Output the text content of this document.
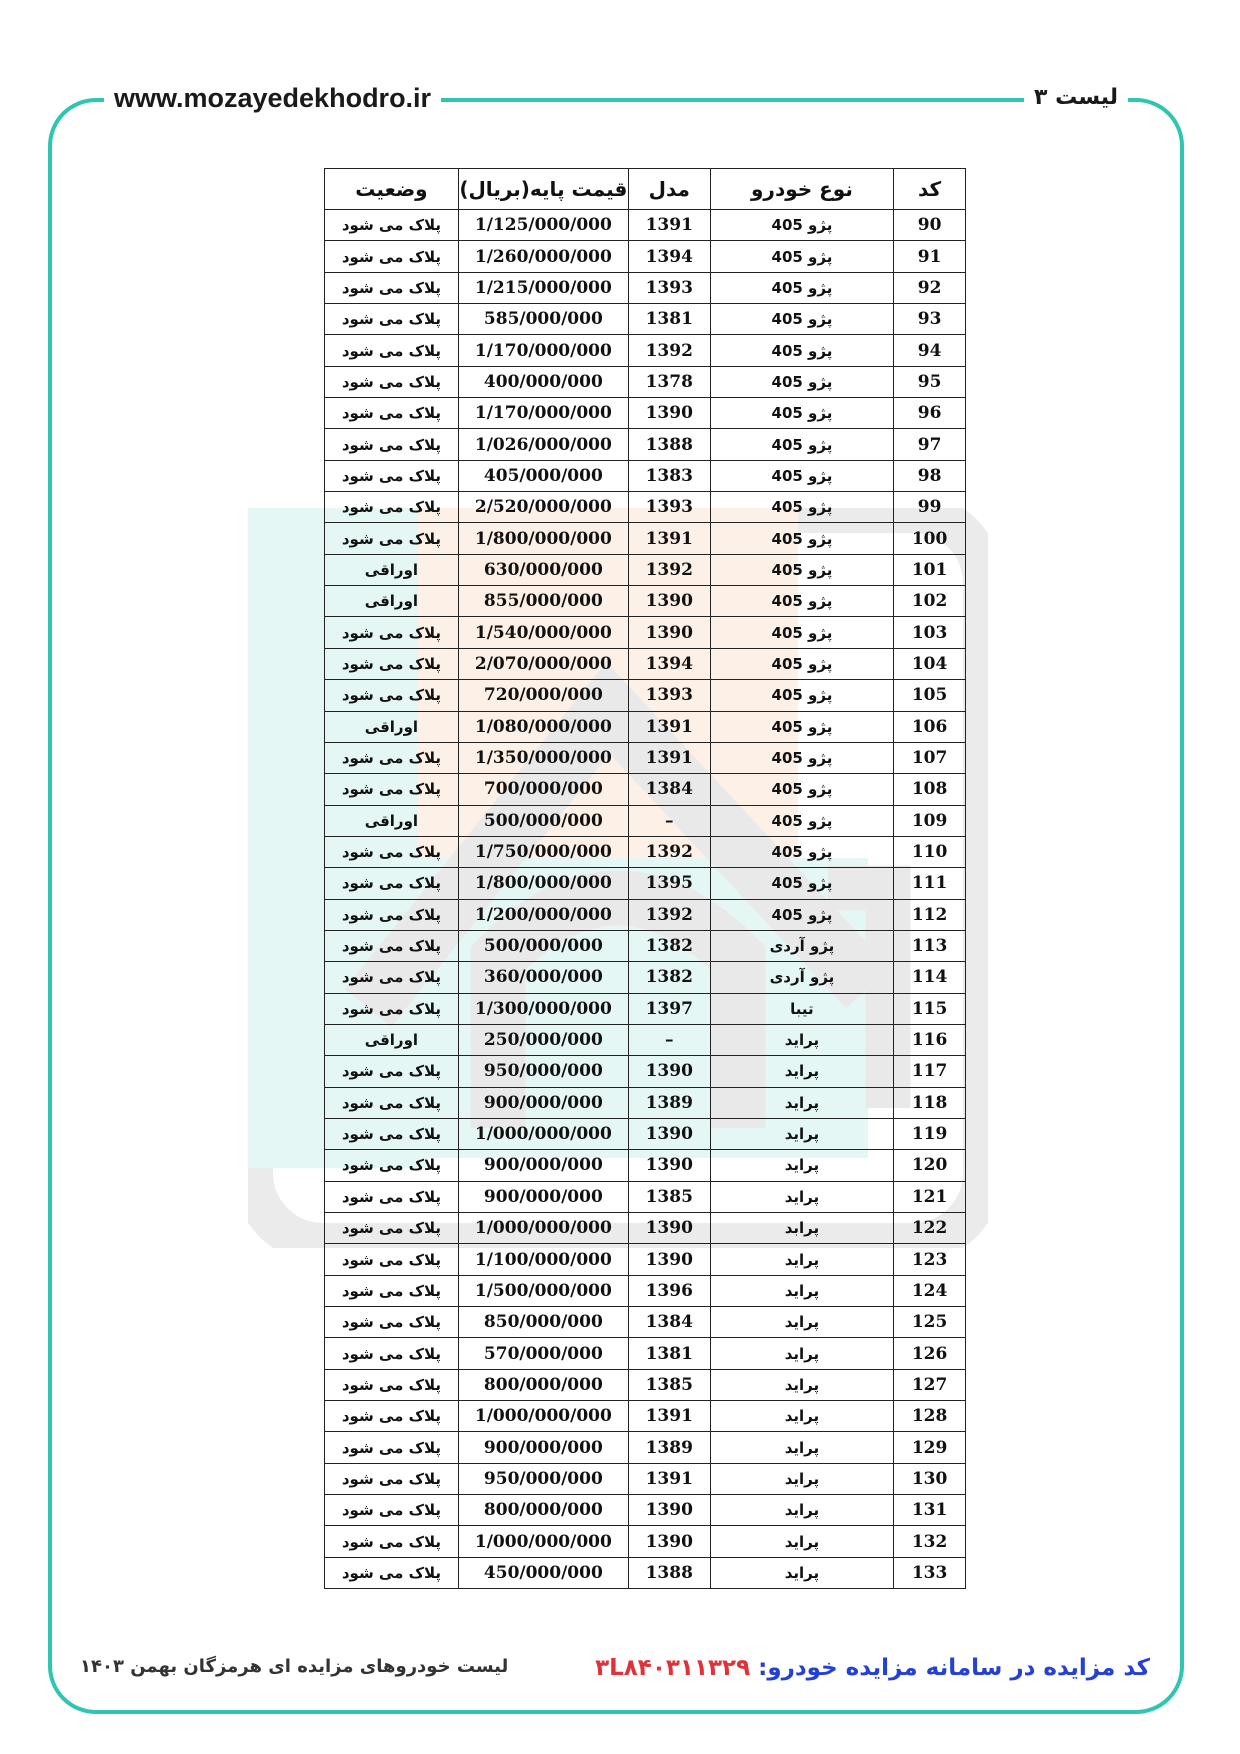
www.mozayedekhodro.ir	لیست ۳
کد	نوع خودرو	مدل	قیمت پایه(بریال)	وضعیت
90	پژو 405	1391	1/125/000/000	پلاک می شود
91	پژو 405	1394	1/260/000/000	پلاک می شود
92	پژو 405	1393	1/215/000/000	پلاک می شود
93	پژو 405	1381	585/000/000	پلاک می شود
94	پژو 405	1392	1/170/000/000	پلاک می شود
95	پژو 405	1378	400/000/000	پلاک می شود
96	پژو 405	1390	1/170/000/000	پلاک می شود
97	پژو 405	1388	1/026/000/000	پلاک می شود
98	پژو 405	1383	405/000/000	پلاک می شود
99	پژو 405	1393	2/520/000/000	پلاک می شود
100	پژو 405	1391	1/800/000/000	پلاک می شود
101	پژو 405	1392	630/000/000	اوراقی
102	پژو 405	1390	855/000/000	اوراقی
103	پژو 405	1390	1/540/000/000	پلاک می شود
104	پژو 405	1394	2/070/000/000	پلاک می شود
105	پژو 405	1393	720/000/000	پلاک می شود
106	پژو 405	1391	1/080/000/000	اوراقی
107	پژو 405	1391	1/350/000/000	پلاک می شود
108	پژو 405	1384	700/000/000	پلاک می شود
109	پژو 405	–	500/000/000	اوراقی
110	پژو 405	1392	1/750/000/000	پلاک می شود
111	پژو 405	1395	1/800/000/000	پلاک می شود
112	پژو 405	1392	1/200/000/000	پلاک می شود
113	پژو آردی	1382	500/000/000	پلاک می شود
114	پژو آردی	1382	360/000/000	پلاک می شود
115	تیبا	1397	1/300/000/000	پلاک می شود
116	پراید	–	250/000/000	اوراقی
117	پراید	1390	950/000/000	پلاک می شود
118	پراید	1389	900/000/000	پلاک می شود
119	پراید	1390	1/000/000/000	پلاک می شود
120	پراید	1390	900/000/000	پلاک می شود
121	پراید	1385	900/000/000	پلاک می شود
122	پرابد	1390	1/000/000/000	پلاک می شود
123	پراید	1390	1/100/000/000	پلاک می شود
124	پراید	1396	1/500/000/000	پلاک می شود
125	پراید	1384	850/000/000	پلاک می شود
126	پراید	1381	570/000/000	پلاک می شود
127	پراید	1385	800/000/000	پلاک می شود
128	پراید	1391	1/000/000/000	پلاک می شود
129	پراید	1389	900/000/000	پلاک می شود
130	پراید	1391	950/000/000	پلاک می شود
131	پراید	1390	800/000/000	پلاک می شود
132	پراید	1390	1/000/000/000	پلاک می شود
133	پراید	1388	450/000/000	پلاک می شود
کد مزایده در سامانه مزایده خودرو: ۳L۸۴۰۳۱۱۳۲۹
لیست خودروهای مزایده ای هرمزگان بهمن ۱۴۰۳
